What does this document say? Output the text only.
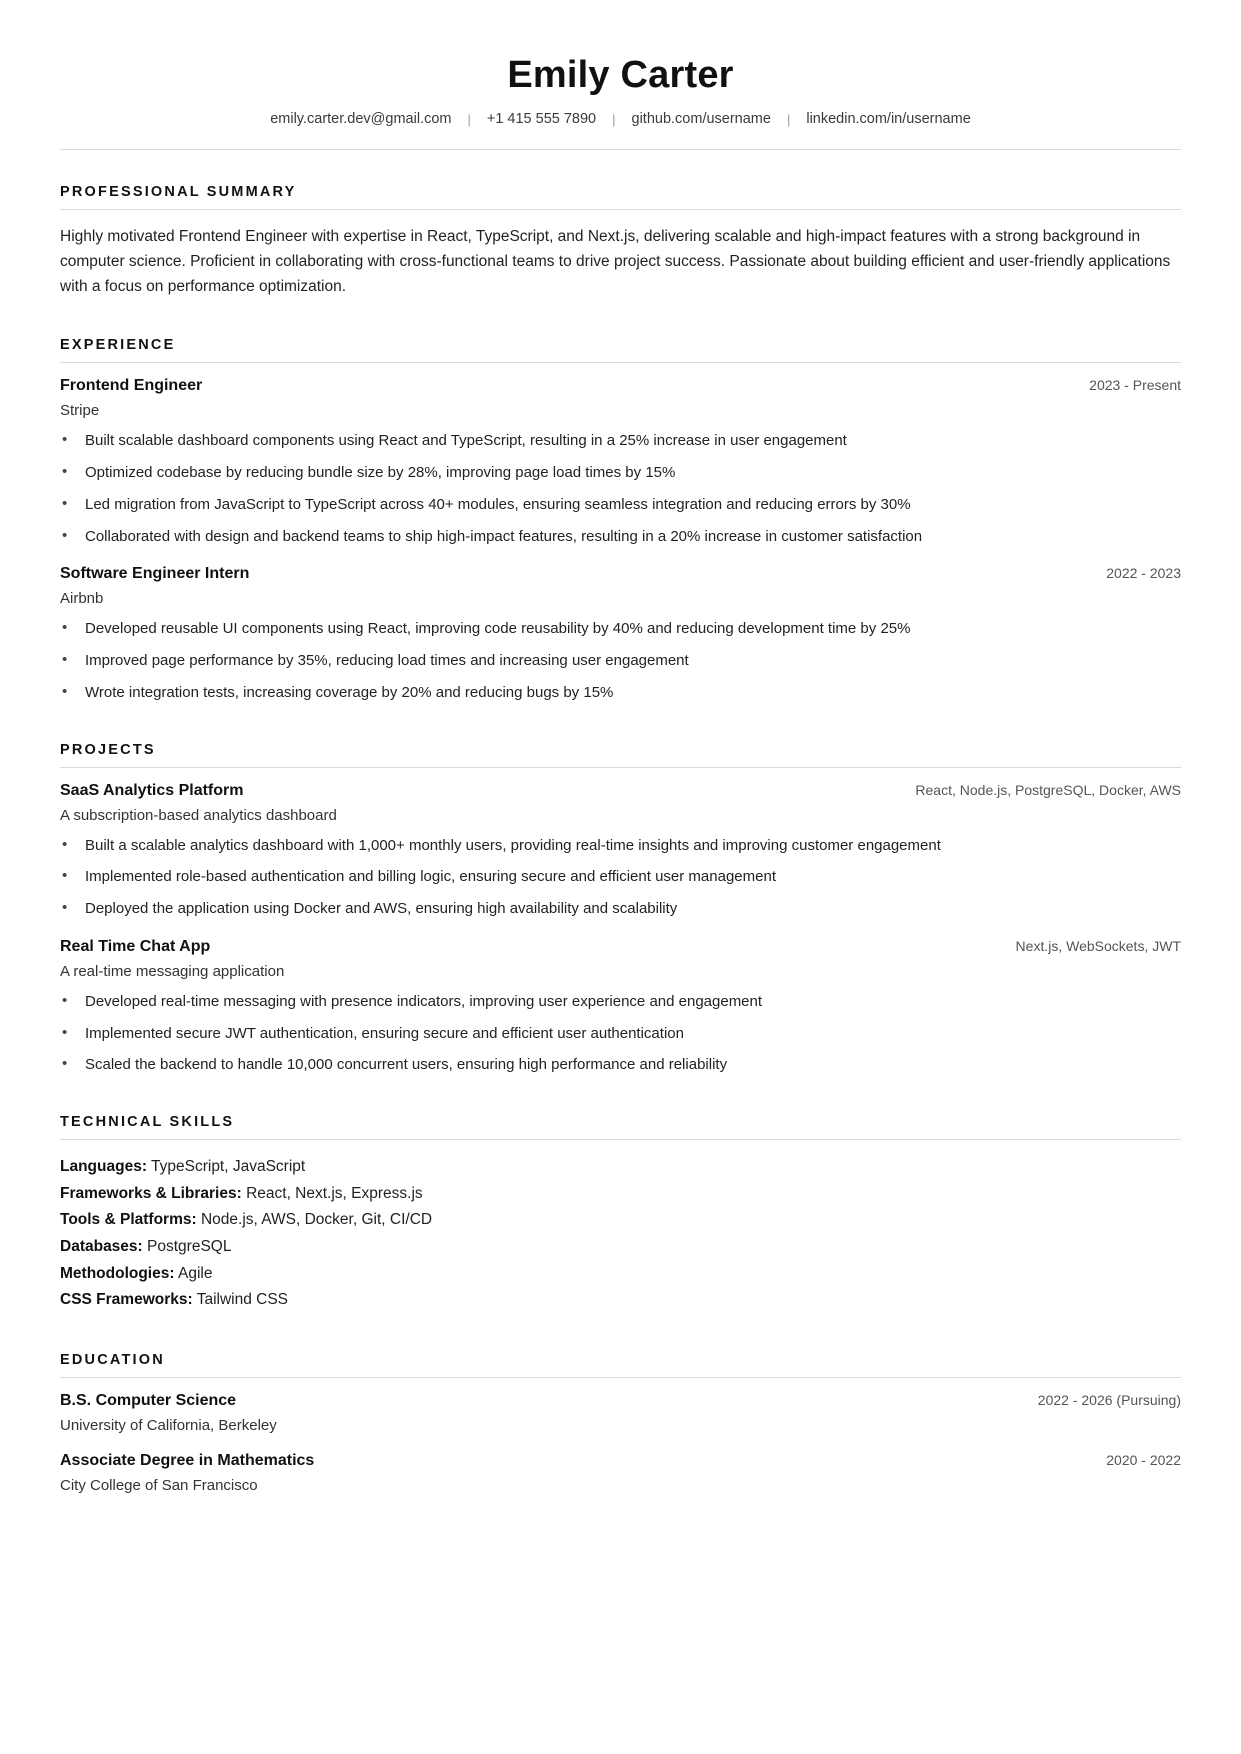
Emily Carter
emily.carter.dev@gmail.com	|	+1 415 555 7890	|	github.com/username	|	linkedin.com/in/username
PROFESSIONAL SUMMARY
Highly motivated Frontend Engineer with expertise in React, TypeScript, and Next.js, delivering scalable and high-impact features with a strong background in computer science. Proficient in collaborating with cross-functional teams to drive project success. Passionate about building efficient and user-friendly applications with a focus on performance optimization.
EXPERIENCE
Frontend Engineer	2023 - Present
Stripe
• Built scalable dashboard components using React and TypeScript, resulting in a 25% increase in user engagement
• Optimized codebase by reducing bundle size by 28%, improving page load times by 15%
• Led migration from JavaScript to TypeScript across 40+ modules, ensuring seamless integration and reducing errors by 30%
• Collaborated with design and backend teams to ship high-impact features, resulting in a 20% increase in customer satisfaction
Software Engineer Intern	2022 - 2023
Airbnb
• Developed reusable UI components using React, improving code reusability by 40% and reducing development time by 25%
• Improved page performance by 35%, reducing load times and increasing user engagement
• Wrote integration tests, increasing coverage by 20% and reducing bugs by 15%
PROJECTS
SaaS Analytics Platform	React, Node.js, PostgreSQL, Docker, AWS
A subscription-based analytics dashboard
• Built a scalable analytics dashboard with 1,000+ monthly users, providing real-time insights and improving customer engagement
• Implemented role-based authentication and billing logic, ensuring secure and efficient user management
• Deployed the application using Docker and AWS, ensuring high availability and scalability
Real Time Chat App	Next.js, WebSockets, JWT
A real-time messaging application
• Developed real-time messaging with presence indicators, improving user experience and engagement
• Implemented secure JWT authentication, ensuring secure and efficient user authentication
• Scaled the backend to handle 10,000 concurrent users, ensuring high performance and reliability
TECHNICAL SKILLS
Languages: TypeScript, JavaScript
Frameworks & Libraries: React, Next.js, Express.js
Tools & Platforms: Node.js, AWS, Docker, Git, CI/CD
Databases: PostgreSQL
Methodologies: Agile
CSS Frameworks: Tailwind CSS
EDUCATION
B.S. Computer Science	2022 - 2026 (Pursuing)
University of California, Berkeley
Associate Degree in Mathematics	2020 - 2022
City College of San Francisco
